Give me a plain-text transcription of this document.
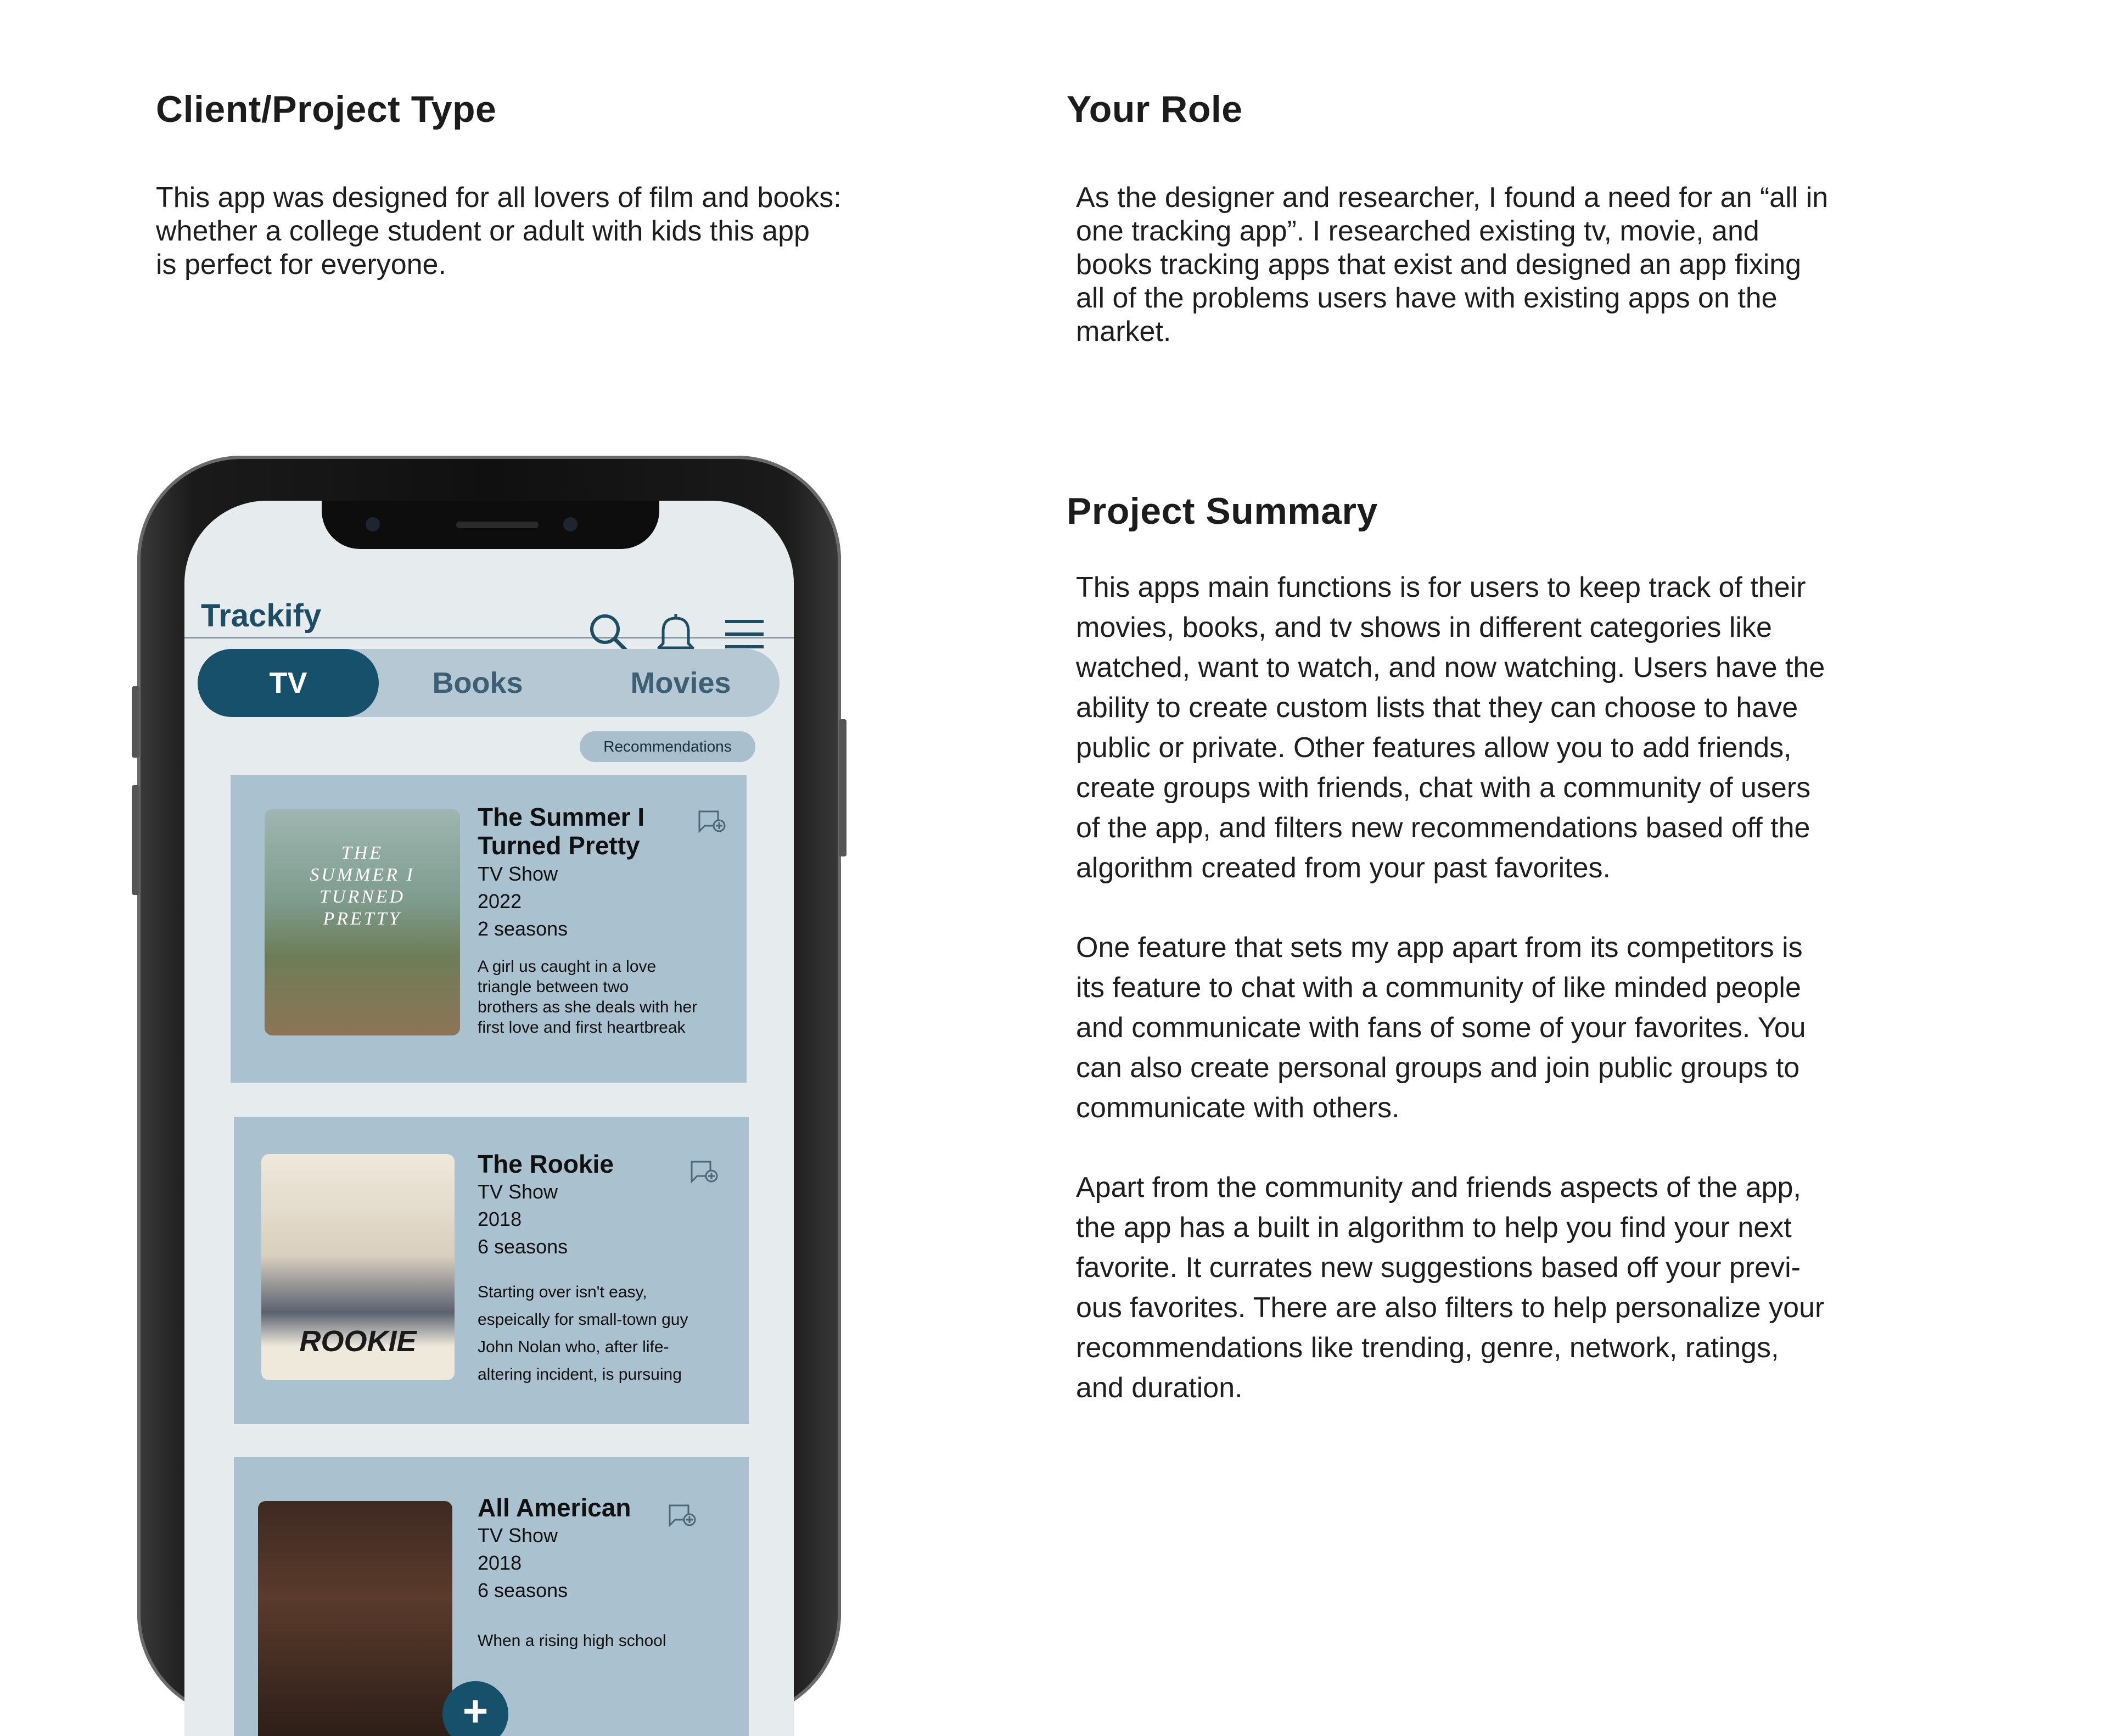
Client/Project Type

This app was designed for all lovers of film and books:
whether a college student or adult with kids this app
is perfect for everyone.

Your Role

As the designer and researcher, I found a need for an “all in
one tracking app”. I researched existing tv, movie, and
books tracking apps that exist and designed an app fixing
all of the problems users have with existing apps on the
market.

Project Summary

This apps main functions is for users to keep track of their
movies, books, and tv shows in different categories like
watched, want to watch, and now watching. Users have the
ability to create custom lists that they can choose to have
public or private. Other features allow you to add friends,
create groups with friends, chat with a community of users
of the app, and filters new recommendations based off the
algorithm created from your past favorites.

One feature that sets my app apart from its competitors is
its feature to chat with a community of like minded people
and communicate with fans of some of your favorites. You
can also create personal groups and join public groups to
communicate with others.

Apart from the community and friends aspects of the app,
the app has a built in algorithm to help you find your next
favorite. It currates new suggestions based off your previ-
ous favorites. There are also filters to help personalize your
recommendations like trending, genre, network, ratings,
and duration.

Trackify
TV	Books	Movies
Recommendations
THE
SUMMER I
TURNED
PRETTY
The Summer I
Turned Pretty
TV Show
2022
2 seasons
A girl us caught in a love
triangle between two
brothers as she deals with her
first love and first heartbreak
ROOKIE
The Rookie
TV Show
2018
6 seasons
Starting over isn't easy,
espeically for small-town guy
John Nolan who, after life-
altering incident, is pursuing
All American
TV Show
2018
6 seasons
When a rising high school
+
